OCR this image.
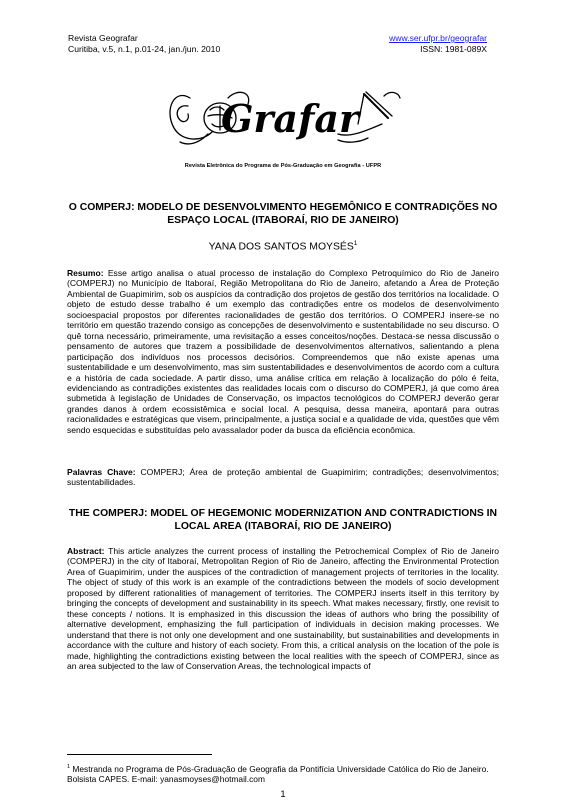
Revista Geografar
Curitiba, v.5, n.1, p.01-24, jan./jun. 2010
www.ser.ufpr.br/geografar
ISSN: 1981-089X
Grafar
Revista Eletrônica do Programa de Pós-Graduação em Geografia - UFPR
O COMPERJ: MODELO DE DESENVOLVIMENTO HEGEMÔNICO E CONTRADIÇÕES NO ESPAÇO LOCAL (ITABORAÍ, RIO DE JANEIRO)
YANA DOS SANTOS MOYSÉS$^1$
Resumo: Esse artigo analisa o atual processo de instalação do Complexo Petroquímico do Rio de Janeiro (COMPERJ) no Município de Itaboraí, Região Metropolitana do Rio de Janeiro, afetando a Área de Proteção Ambiental de Guapimirim, sob os auspícios da contradição dos projetos de gestão dos territórios na localidade. O objeto de estudo desse trabalho é um exemplo das contradições entre os modelos de desenvolvimento socioespacial propostos por diferentes racionalidades de gestão dos territórios. O COMPERJ insere-se no território em questão trazendo consigo as concepções de desenvolvimento e sustentabilidade no seu discurso. O quê torna necessário, primeiramente, uma revisitação a esses conceitos/noções. Destaca-se nessa discussão o pensamento de autores que trazem a possibilidade de desenvolvimentos alternativos, salientando a plena participação dos indivíduos nos processos decisórios. Compreendemos que não existe apenas uma sustentabilidade e um desenvolvimento, mas sim sustentabilidades e desenvolvimentos de acordo com a cultura e a história de cada sociedade. A partir disso, uma análise crítica em relação à localização do pólo é feita, evidenciando as contradições existentes das realidades locais com o discurso do COMPERJ, já que como área submetida à legislação de Unidades de Conservação, os impactos tecnológicos do COMPERJ deverão gerar grandes danos à ordem ecossistêmica e social local. A pesquisa, dessa maneira, apontará para outras racionalidades e estratégicas que visem, principalmente, a justiça social e a qualidade de vida, questões que vêm sendo esquecidas e substituídas pelo avassalador poder da busca da eficiência econômica.
Palavras Chave: COMPERJ; Área de proteção ambiental de Guapimirim; contradições; desenvolvimentos; sustentabilidades.
THE COMPERJ: MODEL OF HEGEMONIC MODERNIZATION AND CONTRADICTIONS IN LOCAL AREA (ITABORAÍ, RIO DE JANEIRO)
Abstract: This article analyzes the current process of installing the Petrochemical Complex of Rio de Janeiro (COMPERJ) in the city of Itaboraí, Metropolitan Region of Rio de Janeiro, affecting the Environmental Protection Area of Guapimirim, under the auspices of the contradiction of management projects of territories in the locality. The object of study of this work is an example of the contradictions between the models of socio development proposed by different rationalities of management of territories. The COMPERJ inserts itself in this territory by bringing the concepts of development and sustainability in its speech. What makes necessary, firstly, one revisit to these concepts / notions. It is emphasized in this discussion the ideas of authors who bring the possibility of alternative development, emphasizing the full participation of individuals in decision making processes. We understand that there is not only one development and one sustainability, but sustainabilities and developments in accordance with the culture and history of each society. From this, a critical analysis on the location of the pole is made, highlighting the contradictions existing between the local realities with the speech of COMPERJ, since as an area subjected to the law of Conservation Areas, the technological impacts of
$^1$ Mestranda no Programa de Pós-Graduação de Geografia da Pontifícia Universidade Católica do Rio de Janeiro. Bolsista CAPES. E-mail: yanasmoyses@hotmail.com
1
